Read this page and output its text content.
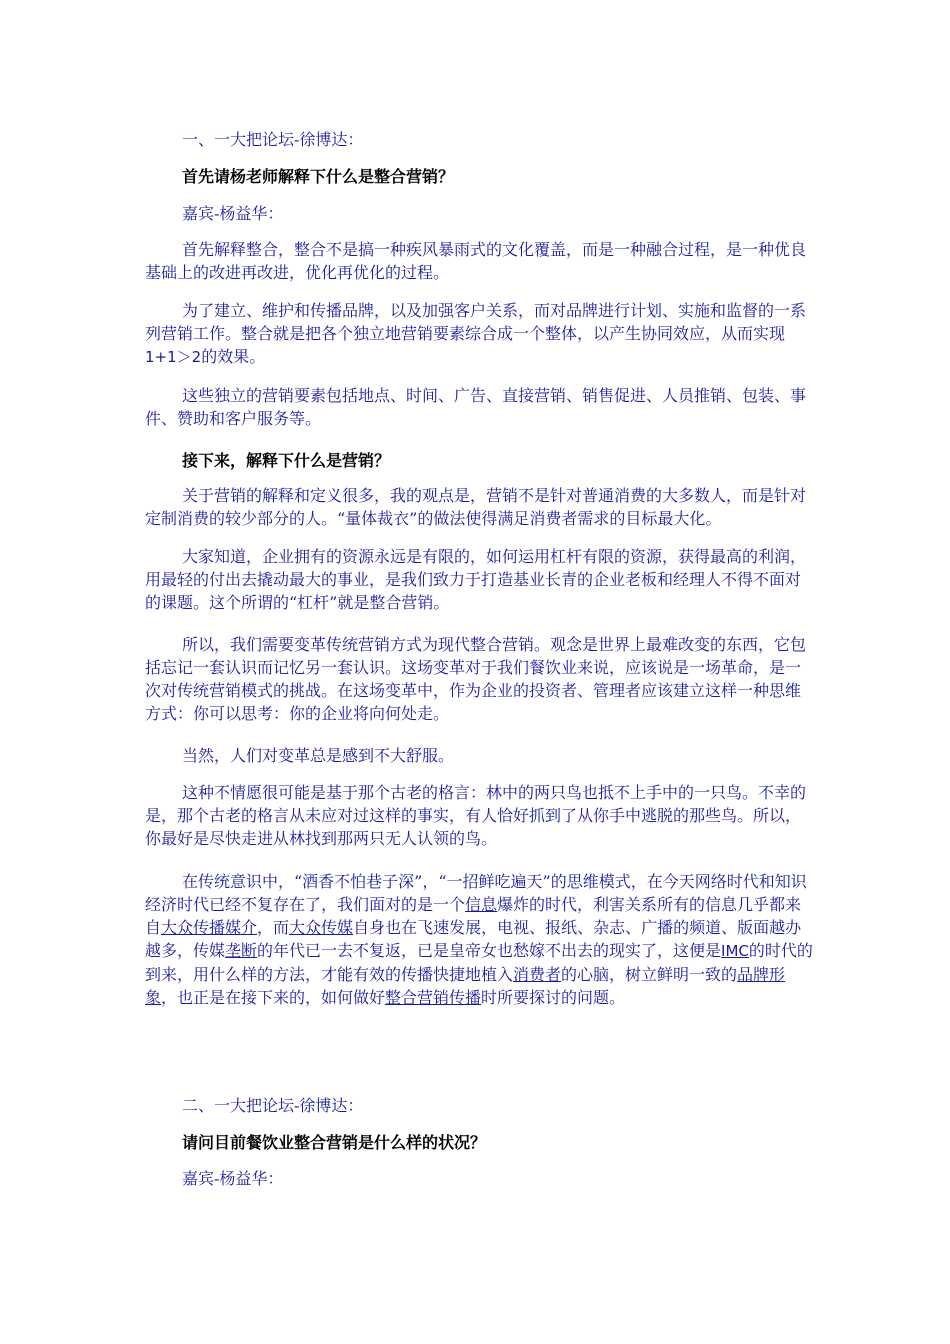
一、一大把论坛-徐博达：

首先请杨老师解释下什么是整合营销？

嘉宾-杨益华：

首先解释整合，整合不是搞一种疾风暴雨式的文化覆盖，而是一种融合过程，是一种优良基础上的改进再改进，优化再优化的过程。

为了建立、维护和传播品牌，以及加强客户关系，而对品牌进行计划、实施和监督的一系列营销工作。整合就是把各个独立地营销要素综合成一个整体，以产生协同效应，从而实现1+1＞2的效果。

这些独立的营销要素包括地点、时间、广告、直接营销、销售促进、人员推销、包装、事件、赞助和客户服务等。

接下来，解释下什么是营销？

关于营销的解释和定义很多，我的观点是，营销不是针对普通消费的大多数人，而是针对定制消费的较少部分的人。“量体裁衣”的做法使得满足消费者需求的目标最大化。

大家知道，企业拥有的资源永远是有限的，如何运用杠杆有限的资源，获得最高的利润，用最轻的付出去撬动最大的事业，是我们致力于打造基业长青的企业老板和经理人不得不面对的课题。这个所谓的“杠杆”就是整合营销。

所以，我们需要变革传统营销方式为现代整合营销。观念是世界上最难改变的东西，它包括忘记一套认识而记忆另一套认识。这场变革对于我们餐饮业来说，应该说是一场革命，是一次对传统营销模式的挑战。在这场变革中，作为企业的投资者、管理者应该建立这样一种思维方式：你可以思考：你的企业将向何处走。

当然，人们对变革总是感到不大舒服。

这种不情愿很可能是基于那个古老的格言：林中的两只鸟也抵不上手中的一只鸟。不幸的是，那个古老的格言从未应对过这样的事实，有人恰好抓到了从你手中逃脱的那些鸟。所以，你最好是尽快走进从林找到那两只无人认领的鸟。

在传统意识中，“酒香不怕巷子深”，“一招鲜吃遍天”的思维模式，在今天网络时代和知识经济时代已经不复存在了，我们面对的是一个信息爆炸的时代，利害关系所有的信息几乎都来自大众传播媒介，而大众传媒自身也在飞速发展，电视、报纸、杂志、广播的频道、版面越办越多，传媒垄断的年代已一去不复返，已是皇帝女也愁嫁不出去的现实了，这便是IMC的时代的到来，用什么样的方法，才能有效的传播快捷地植入消费者的心脑，树立鲜明一致的品牌形象，也正是在接下来的，如何做好整合营销传播时所要探讨的问题。

二、一大把论坛-徐博达：

请问目前餐饮业整合营销是什么样的状况？

嘉宾-杨益华：
